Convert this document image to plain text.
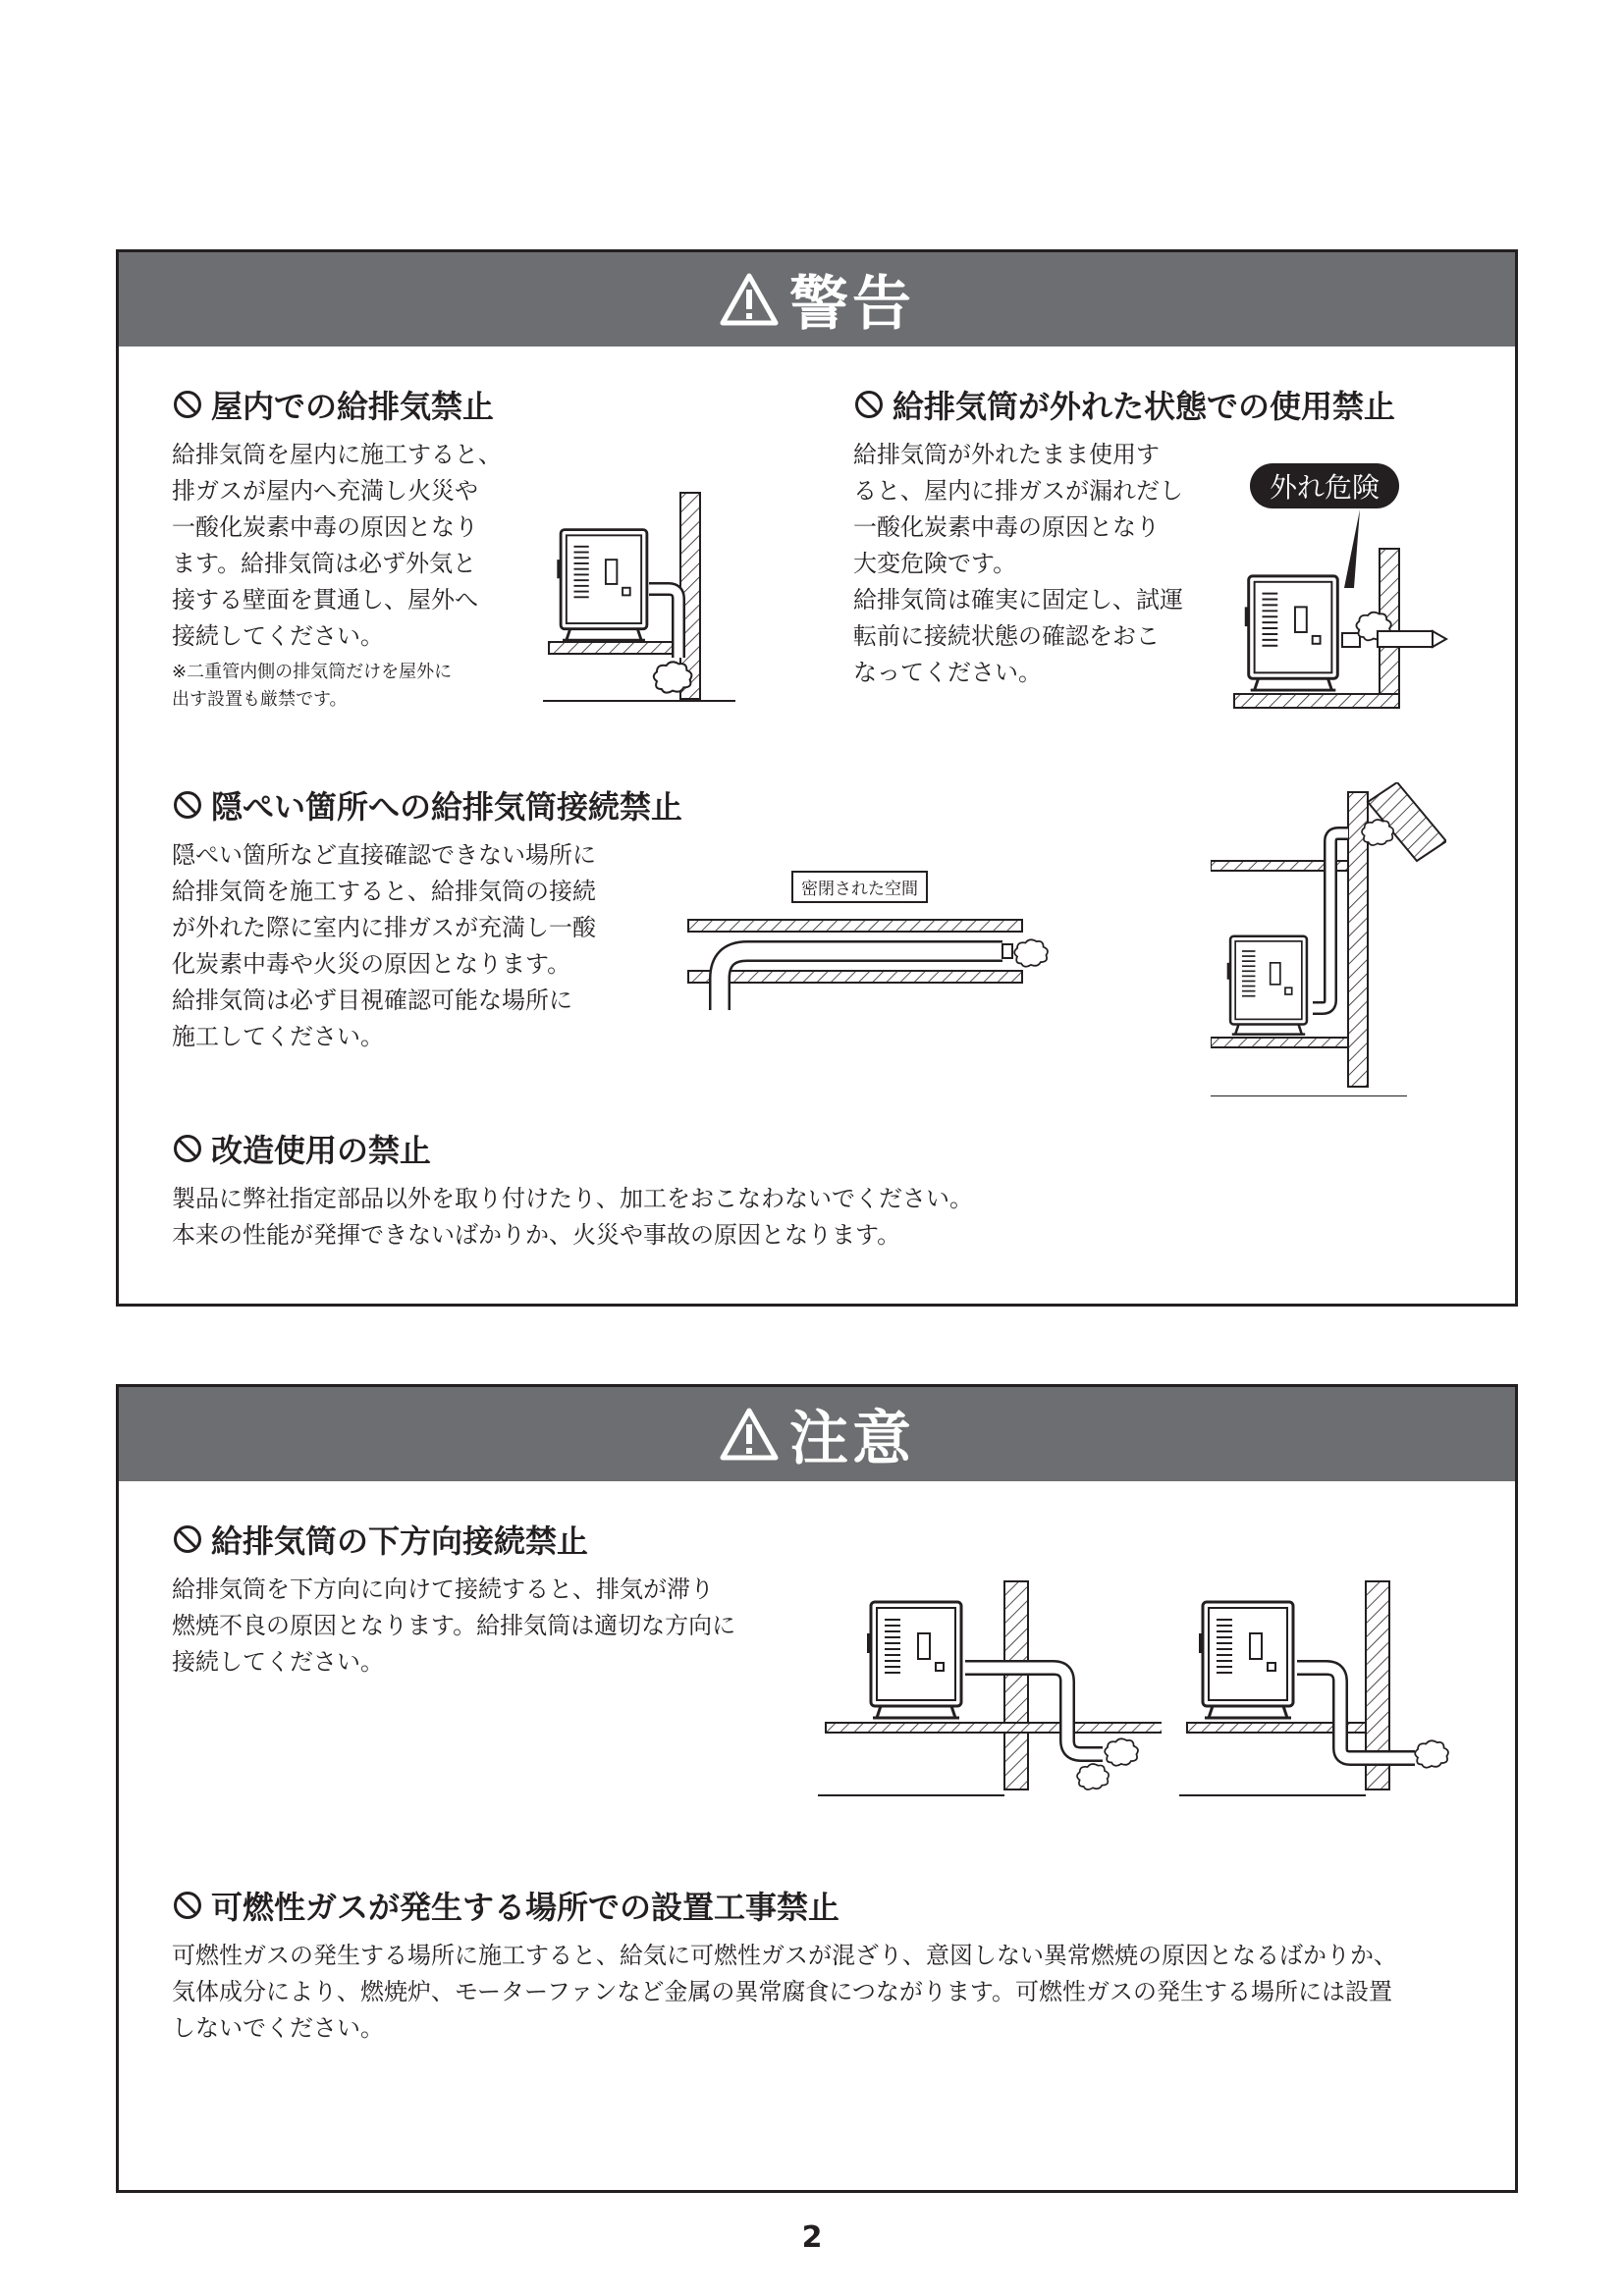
警告
屋内での給排気禁止
給排気筒を屋内に施工すると、
排ガスが屋内へ充満し火災や
一酸化炭素中毒の原因となり
ます。給排気筒は必ず外気と
接する壁面を貫通し、屋外へ
接続してください。
※二重管内側の排気筒だけを屋外に
出す設置も厳禁です。
給排気筒が外れた状態での使用禁止
給排気筒が外れたまま使用す
ると、屋内に排ガスが漏れだし
一酸化炭素中毒の原因となり
大変危険です。
給排気筒は確実に固定し、試運
転前に接続状態の確認をおこ
なってください。
外れ危険
隠ぺい箇所への給排気筒接続禁止
隠ぺい箇所など直接確認できない場所に
給排気筒を施工すると、給排気筒の接続
が外れた際に室内に排ガスが充満し一酸
化炭素中毒や火災の原因となります。
給排気筒は必ず目視確認可能な場所に
施工してください。
密閉された空間
改造使用の禁止
製品に弊社指定部品以外を取り付けたり、加工をおこなわないでください。
本来の性能が発揮できないばかりか、火災や事故の原因となります。
注意
給排気筒の下方向接続禁止
給排気筒を下方向に向けて接続すると、排気が滞り
燃焼不良の原因となります。給排気筒は適切な方向に
接続してください。
可燃性ガスが発生する場所での設置工事禁止
可燃性ガスの発生する場所に施工すると、給気に可燃性ガスが混ざり、意図しない異常燃焼の原因となるばかりか、
気体成分により、燃焼炉、モーターファンなど金属の異常腐食につながります。可燃性ガスの発生する場所には設置
しないでください。
2
